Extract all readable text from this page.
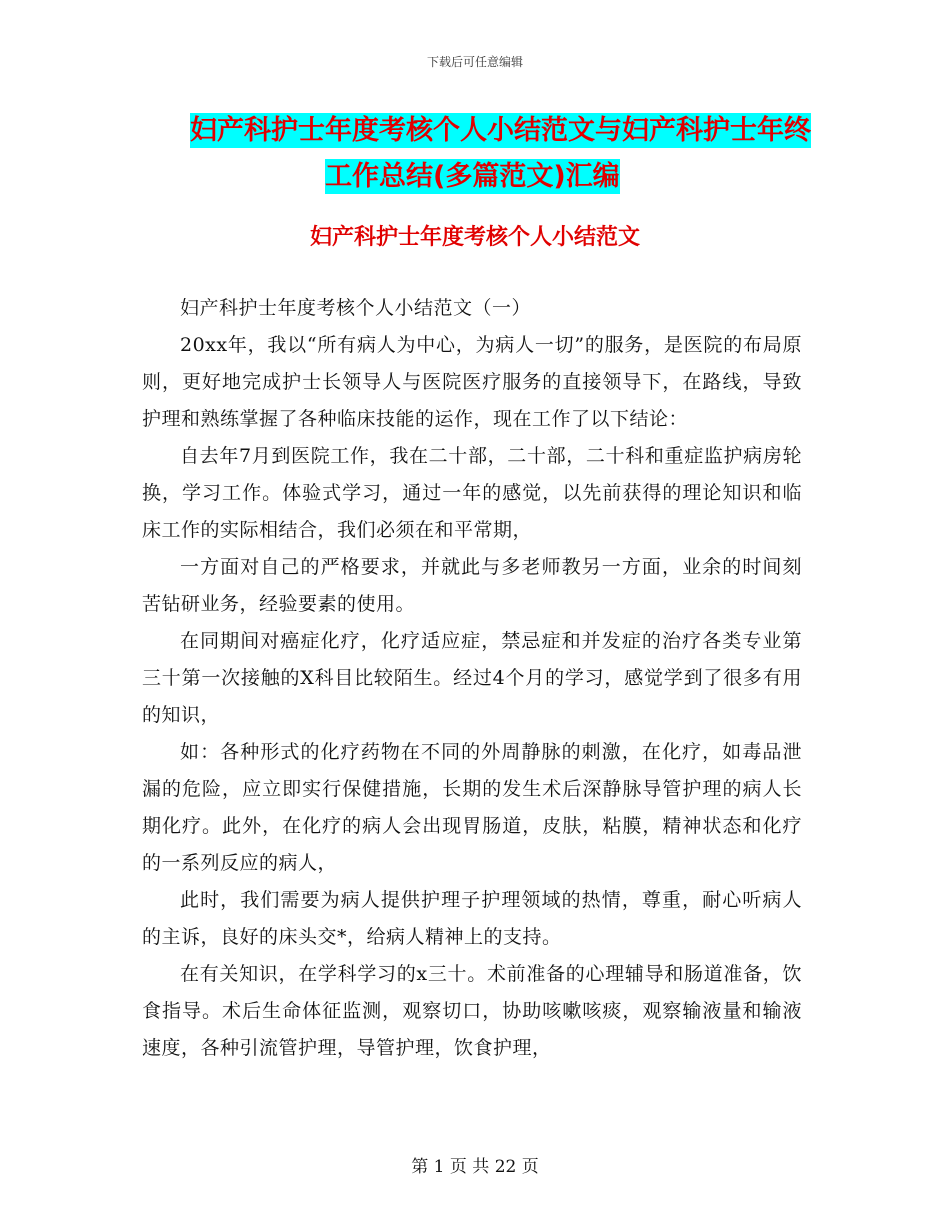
下载后可任意编辑
妇产科护士年度考核个人小结范文与妇产科护士年终
工作总结(多篇范文)汇编
妇产科护士年度考核个人小结范文

妇产科护士年度考核个人小结范文（一）

20xx年，我以“所有病人为中心，为病人一切”的服务，是医院的布局原则，更好地完成护士长领导人与医院医疗服务的直接领导下，在路线，导致护理和熟练掌握了各种临床技能的运作，现在工作了以下结论：

自去年7月到医院工作，我在二十部，二十部，二十科和重症监护病房轮换，学习工作。体验式学习，通过一年的感觉，以先前获得的理论知识和临床工作的实际相结合，我们必须在和平常期，

一方面对自己的严格要求，并就此与多老师教另一方面，业余的时间刻苦钻研业务，经验要素的使用。

在同期间对癌症化疗，化疗适应症，禁忌症和并发症的治疗各类专业第三十第一次接触的X科目比较陌生。经过4个月的学习，感觉学到了很多有用的知识，

如：各种形式的化疗药物在不同的外周静脉的刺激，在化疗，如毒品泄漏的危险，应立即实行保健措施，长期的发生术后深静脉导管护理的病人长期化疗。此外，在化疗的病人会出现胃肠道，皮肤，粘膜，精神状态和化疗的一系列反应的病人，

此时，我们需要为病人提供护理子护理领域的热情，尊重，耐心听病人的主诉，良好的床头交*，给病人精神上的支持。

在有关知识，在学科学习的x三十。术前准备的心理辅导和肠道准备，饮食指导。术后生命体征监测，观察切口，协助咳嗽咳痰，观察输液量和输液速度，各种引流管护理，导管护理，饮食护理，

第 1 页 共 22 页
